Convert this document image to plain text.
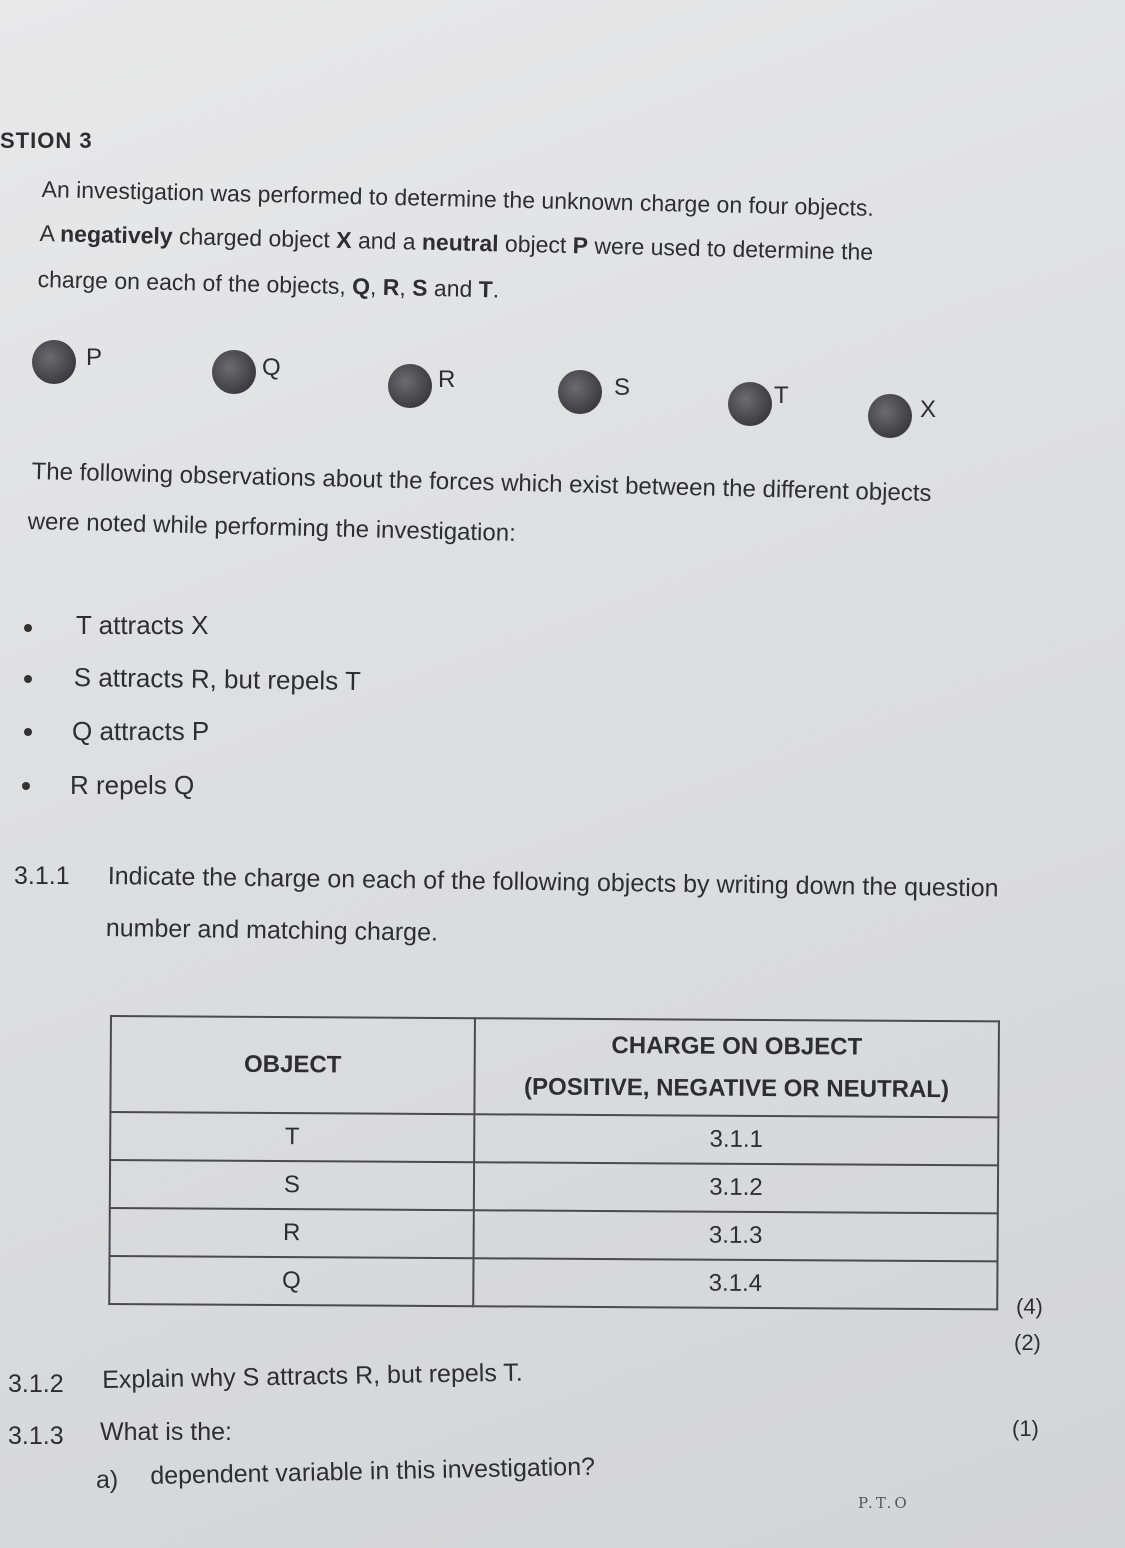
STION 3
An investigation was performed to determine the unknown charge on four objects.
A negatively charged object X and a neutral object P were used to determine the
charge on each of the objects, Q, R, S and T.
P	Q	R	S	T
X
The following observations about the forces which exist between the different objects
were noted while performing the investigation:
T attracts X
S attracts R, but repels T
Q attracts P
R repels Q
3.1.1 Indicate the charge on each of the following objects by writing down the question
number and matching charge.
OBJECT	CHARGE ON OBJECT
(POSITIVE, NEGATIVE OR NEUTRAL)

T	3.1.1
S	3.1.2
R	3.1.3
Q	3.1.4
(4)
(2)
3.1.2 Explain why S attracts R, but repels T.
3.1.3 What is the:	(1)
a) dependent variable in this investigation?
P.T.O
